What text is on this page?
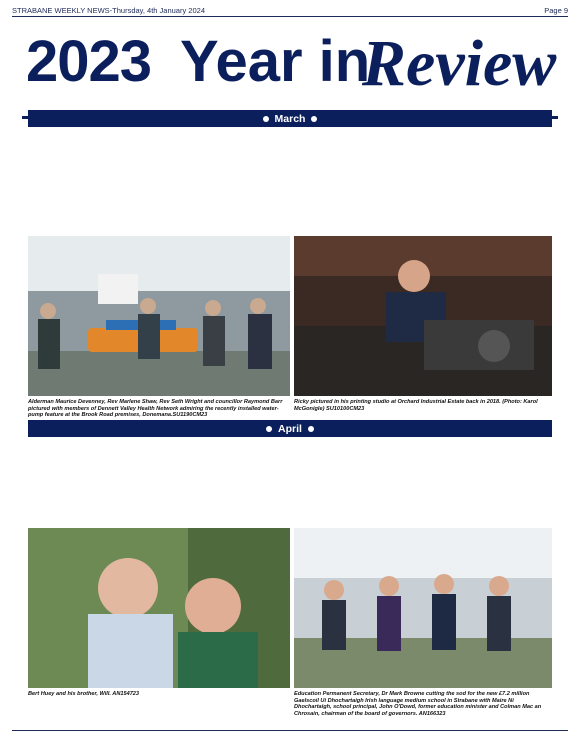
STRABANE WEEKLY NEWS-Thursday, 4th January 2024	Page 9
2023 Year in
Review
March
Alderman Maurice Devenney, Rev Marlene Shaw, Rev Seth Wright and councillor Raymond Barr pictured with members of Dennett Valley Health Network admiring the recently installed water-pump feature at the Brook Road premises, Donemana.SU1190CM23
Ricky pictured in his printing studio at Orchard Industrial Estate back in 2018. (Photo: Karol McGonigle) SU10100CM23
April
Bert Huey and his brother, Will. AN154723	Education Permanent Secretary, Dr Mark Browne cutting the sod for the new £7.2 million Gaelscoil Ui Dhochartaigh Irish language medium school in Strabane with Maire Ni Dhochartaigh, school principal, John O'Dowd, former education minister and Colman Mac an Chrosain, chairman of the board of governors. AN166323
